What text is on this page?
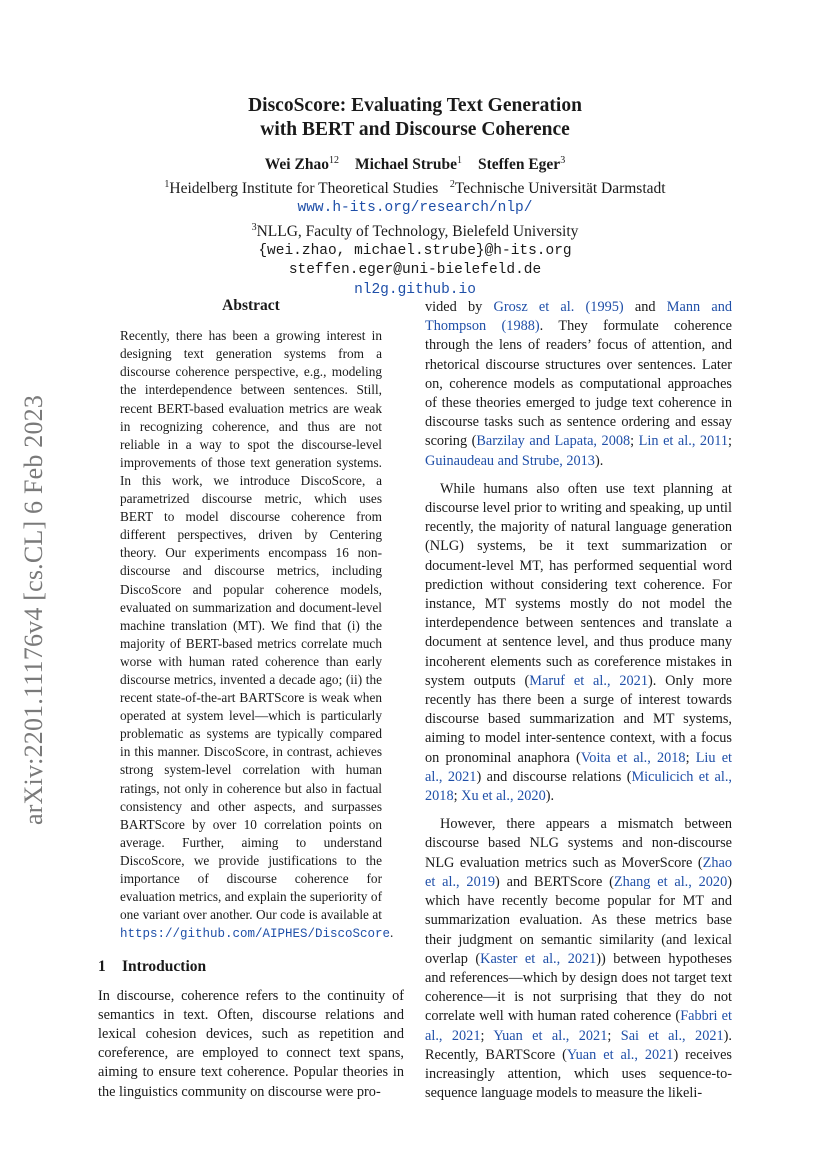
arXiv:2201.11176v4 [cs.CL] 6 Feb 2023
DiscoScore: Evaluating Text Generation
with BERT and Discourse Coherence
Wei Zhao$^{12}$ Michael Strube$^1$ Steffen Eger$^3$
$^1$Heidelberg Institute for Theoretical Studies $^2$Technische Universität Darmstadt
www.h-its.org/research/nlp/
$^3$NLLG, Faculty of Technology, Bielefeld University
{wei.zhao, michael.strube}@h-its.org
steffen.eger@uni-bielefeld.de
nl2g.github.io
Abstract
Recently, there has been a growing interest in designing text generation systems from a discourse coherence perspective, e.g., modeling the interdependence between sentences. Still, recent BERT-based evaluation metrics are weak in recognizing coherence, and thus are not reliable in a way to spot the discourse-level improvements of those text generation systems. In this work, we introduce DiscoScore, a parametrized discourse metric, which uses BERT to model discourse coherence from different perspectives, driven by Centering theory. Our experiments encompass 16 non-discourse and discourse metrics, including DiscoScore and popular coherence models, evaluated on summarization and document-level machine translation (MT). We find that (i) the majority of BERT-based metrics correlate much worse with human rated coherence than early discourse metrics, invented a decade ago; (ii) the recent state-of-the-art BARTScore is weak when operated at system level—which is particularly problematic as systems are typically compared in this manner. DiscoScore, in contrast, achieves strong system-level correlation with human ratings, not only in coherence but also in factual consistency and other aspects, and surpasses BARTScore by over 10 correlation points on average. Further, aiming to understand DiscoScore, we provide justifications to the importance of discourse coherence for evaluation metrics, and explain the superiority of one variant over another. Our code is available at https://github.com/AIPHES/DiscoScore.
1 Introduction

In discourse, coherence refers to the continuity of semantics in text. Often, discourse relations and lexical cohesion devices, such as repetition and coreference, are employed to connect text spans, aiming to ensure text coherence. Popular theories in the linguistics community on discourse were pro-

vided by Grosz et al. (1995) and Mann and Thompson (1988). They formulate coherence through the lens of readers’ focus of attention, and rhetorical discourse structures over sentences. Later on, coherence models as computational approaches of these theories emerged to judge text coherence in discourse tasks such as sentence ordering and essay scoring (Barzilay and Lapata, 2008; Lin et al., 2011; Guinaudeau and Strube, 2013).

While humans also often use text planning at discourse level prior to writing and speaking, up until recently, the majority of natural language generation (NLG) systems, be it text summarization or document-level MT, has performed sequential word prediction without considering text coherence. For instance, MT systems mostly do not model the interdependence between sentences and translate a document at sentence level, and thus produce many incoherent elements such as coreference mistakes in system outputs (Maruf et al., 2021). Only more recently has there been a surge of interest towards discourse based summarization and MT systems, aiming to model inter-sentence context, with a focus on pronominal anaphora (Voita et al., 2018; Liu et al., 2021) and discourse relations (Miculicich et al., 2018; Xu et al., 2020).

However, there appears a mismatch between discourse based NLG systems and non-discourse NLG evaluation metrics such as MoverScore (Zhao et al., 2019) and BERTScore (Zhang et al., 2020) which have recently become popular for MT and summarization evaluation. As these metrics base their judgment on semantic similarity (and lexical overlap (Kaster et al., 2021)) between hypotheses and references—which by design does not target text coherence—it is not surprising that they do not correlate well with human rated coherence (Fabbri et al., 2021; Yuan et al., 2021; Sai et al., 2021). Recently, BARTScore (Yuan et al., 2021) receives increasingly attention, which uses sequence-to-sequence language models to measure the likeli-
